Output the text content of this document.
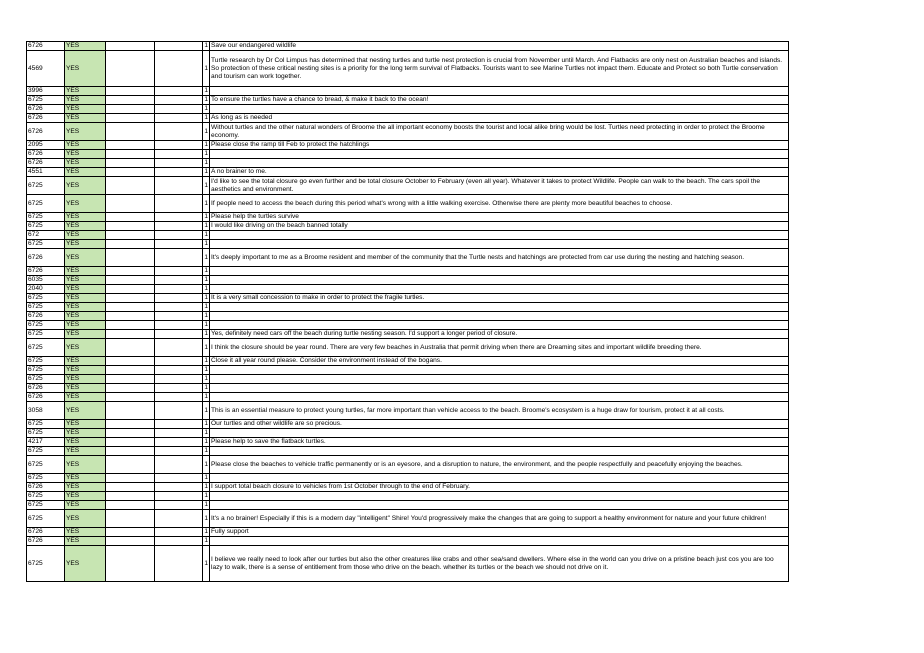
6726	YES			1	Save our endangered wildlife
4569	YES			1	Turtle research by Dr Col Limpus has determined that nesting turtles and turtle nest protection is crucial from November until March. And Flatbacks are only nest on Australian beaches and islands. So protection of these critical nesting sites is a priority for the long term survival of Flatbacks. Tourists want to see Marine Turtles not impact them. Educate and Protect so both Turtle conservation and tourism can work together.
3996	YES			1	
6725	YES			1	To ensure the turtles have a chance to bread, & make it back to the ocean!
6726	YES			1	
6726	YES			1	As long as is needed
6726	YES			1	Without turtles and the other natural wonders of Broome the all important economy boosts the tourist and local alike bring would be lost. Turtles need protecting in order to protect the Broome economy.
2095	YES			1	Please close the ramp till Feb to protect the hatchlings
6726	YES			1	
6726	YES			1	
4551	YES			1	A no brainer to me.
6725	YES			1	I'd like to see the total closure go even further and be total closure October to February (even all year). Whatever it takes to protect Wildlife. People can walk to the beach. The cars spoil the aesthetics and environment.
6725	YES			1	If people need to access the beach during this period what's wrong with a little walking exercise. Otherwise there are plenty more beautiful beaches to choose.
6725	YES			1	Please help the turtles survive
6725	YES			1	I would like driving on the beach banned totally
672	YES			1	
6725	YES			1	
6726	YES			1	It's deeply important to me as a Broome resident and member of the community that the Turtle nests and hatchings are protected from car use during the nesting and hatching season.
6726	YES			1	
6035	YES			1	
2040	YES			1	
6725	YES			1	It is a very small concession to make in order to protect the fragile turtles.
6725	YES			1	
6726	YES			1	
6725	YES			1	
6725	YES			1	Yes, definitely need cars off the beach during turtle nesting season. I'd support a longer period of closure.
6725	YES			1	I think the closure should be year round. There are very few beaches in Australia that permit driving when there are Dreaming sites and important wildlife breeding there.
6725	YES			1	Close it all year round please. Consider the environment instead of the bogans.
6725	YES			1	
6725	YES			1	
6726	YES			1	
6726	YES			1	
3058	YES			1	This is an essential measure to protect young turtles, far more important than vehicle access to the beach. Broome's ecosystem is a huge draw for tourism, protect it at all costs.
6725	YES			1	Our turtles and other wildlife are so precious.
6725	YES			1	
4217	YES			1	Please help to save the flatback turtles.
6725	YES			1	
6725	YES			1	Please close the beaches to vehicle traffic permanently or is an eyesore, and a disruption to nature, the environment, and the people respectfully and peacefully enjoying the beaches.
6725	YES			1	
6726	YES			1	I support total beach closure to vehicles from 1st October through to the end of February.
6725	YES			1	
6725	YES			1	
6725	YES			1	It's a no brainer! Especially if this is a modern day "intelligent" Shire! You'd progressively make the changes that are going to support a healthy environment for nature and your future children!
6726	YES			1	Fully support
6726	YES			1	
6725	YES			1	I believe we really need to look after our turtles but also the other creatures like crabs and other sea/sand dwellers. Where else in the world can you drive on a pristine beach just cos you are too lazy to walk, there is a sense of entitlement from those who drive on the beach. whether its turtles or the beach we should not drive on it.
